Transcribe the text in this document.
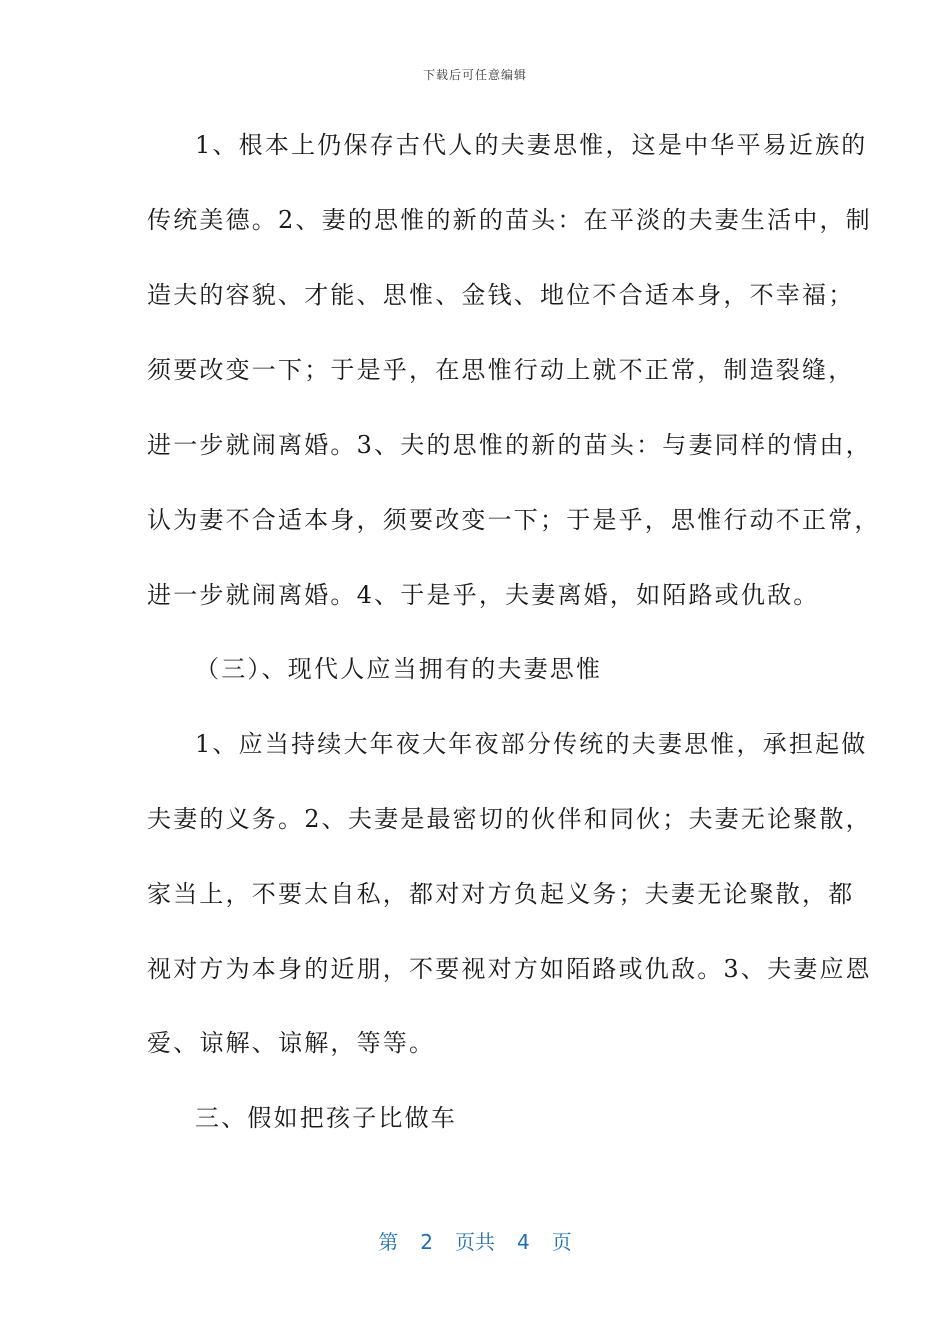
下载后可任意编辑
1、根本上仍保存古代人的夫妻思惟，这是中华平易近族的
传统美德。2、妻的思惟的新的苗头：在平淡的夫妻生活中，制
造夫的容貌、才能、思惟、金钱、地位不合适本身，不幸福；
须要改变一下；于是乎，在思惟行动上就不正常，制造裂缝，
进一步就闹离婚。3、夫的思惟的新的苗头：与妻同样的情由，
认为妻不合适本身，须要改变一下；于是乎，思惟行动不正常，
进一步就闹离婚。4、于是乎，夫妻离婚，如陌路或仇敌。
（三）、现代人应当拥有的夫妻思惟
1、应当持续大年夜大年夜部分传统的夫妻思惟，承担起做
夫妻的义务。2、夫妻是最密切的伙伴和同伙；夫妻无论聚散，
家当上，不要太自私，都对对方负起义务；夫妻无论聚散，都
视对方为本身的近朋，不要视对方如陌路或仇敌。3、夫妻应恩
爱、谅解、谅解，等等。
三、假如把孩子比做车
第 2 页共 4 页
